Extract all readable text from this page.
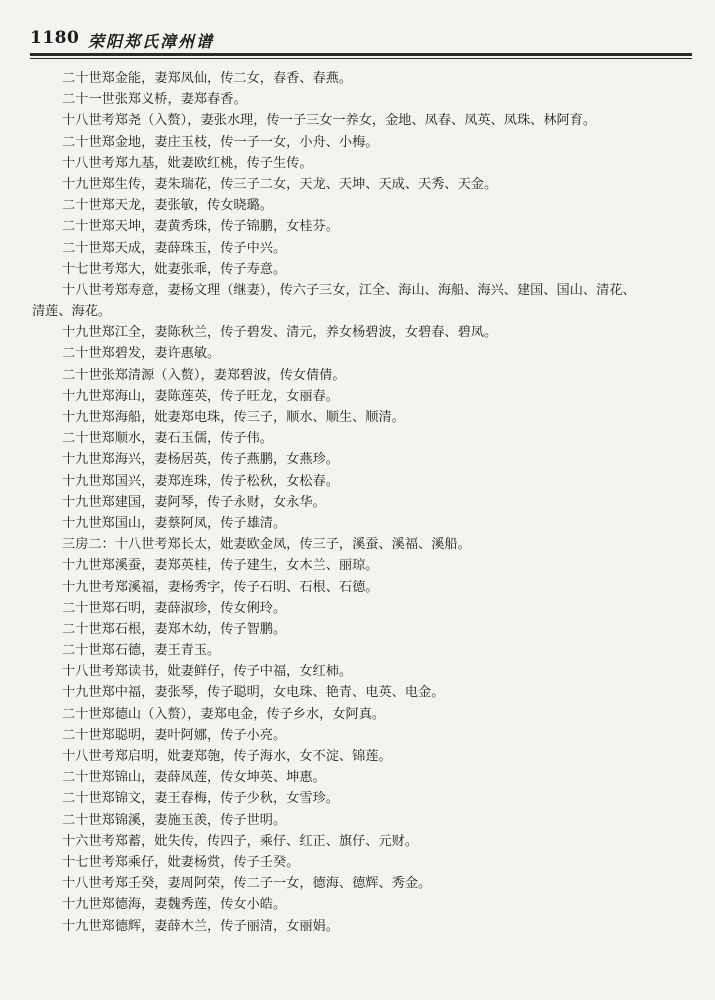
1180 荣阳郑氏漳州谱
二十世郑金能，妻郑凤仙，传二女，春香、春燕。
二十一世张郑义桥，妻郑春香。
十八世考郑尧（入赘），妻张水理，传一子三女一养女，金地、凤春、凤英、凤珠、林阿育。
二十世郑金地，妻庄玉枝，传一子一女，小舟、小梅。
十八世考郑九基，妣妻欧红桃，传子生传。
十九世郑生传，妻朱瑞花，传三子二女，天龙、天坤、天成、天秀、天金。
二十世郑天龙，妻张敏，传女晓璐。
二十世郑天坤，妻黄秀珠，传子锦鹏，女桂芬。
二十世郑天成，妻薛珠玉，传子中兴。
十七世考郑大，妣妻张乖，传子寿意。
十八世考郑寿意，妻杨文理（继妻），传六子三女，江全、海山、海船、海兴、建国、国山、清花、
清莲、海花。
十九世郑江全，妻陈秋兰，传子碧发、清元，养女杨碧波，女碧春、碧凤。
二十世郑碧发，妻许惠敏。
二十世张郑清源（入赘），妻郑碧波，传女倩倩。
十九世郑海山，妻陈莲英，传子旺龙，女丽春。
十九世郑海船，妣妻郑电珠，传三子，顺水、顺生、顺清。
二十世郑顺水，妻石玉儒，传子伟。
十九世郑海兴，妻杨居英，传子燕鹏，女燕珍。
十九世郑国兴，妻郑连珠，传子松秋，女松春。
十九世郑建国，妻阿琴，传子永财，女永华。
十九世郑国山，妻蔡阿凤，传子雄清。
三房二：十八世考郑长太，妣妻欧金凤，传三子，溪蚕、溪福、溪船。
十九世郑溪蚕，妻郑英桂，传子建生，女木兰、丽琼。
十九世考郑溪福，妻杨秀字，传子石明、石根、石德。
二十世郑石明，妻薛淑珍，传女俐玲。
二十世郑石根，妻郑木幼，传子智鹏。
二十世郑石德，妻王青玉。
十八世考郑读书，妣妻鲜仔，传子中福，女红柿。
十九世郑中福，妻张琴，传子聪明，女电珠、艳青、电英、电金。
二十世郑德山（入赘），妻郑电金，传子乡水，女阿真。
二十世郑聪明，妻叶阿娜，传子小亮。
十八世考郑启明，妣妻郑匏，传子海水，女不淀、锦莲。
二十世郑锦山，妻薛凤莲，传女坤英、坤惠。
二十世郑锦文，妻王春梅，传子少秋，女雪珍。
二十世郑锦溪，妻施玉羡，传子世明。
十六世考郑蓄，妣失传，传四子，乘仔、红正、旗仔、元财。
十七世考郑乘仔，妣妻杨赏，传子壬癸。
十八世考郑壬癸，妻周阿荣，传二子一女，德海、德辉、秀金。
十九世郑德海，妻魏秀莲，传女小皓。
十九世郑德辉，妻薛木兰，传子丽清，女丽娟。
